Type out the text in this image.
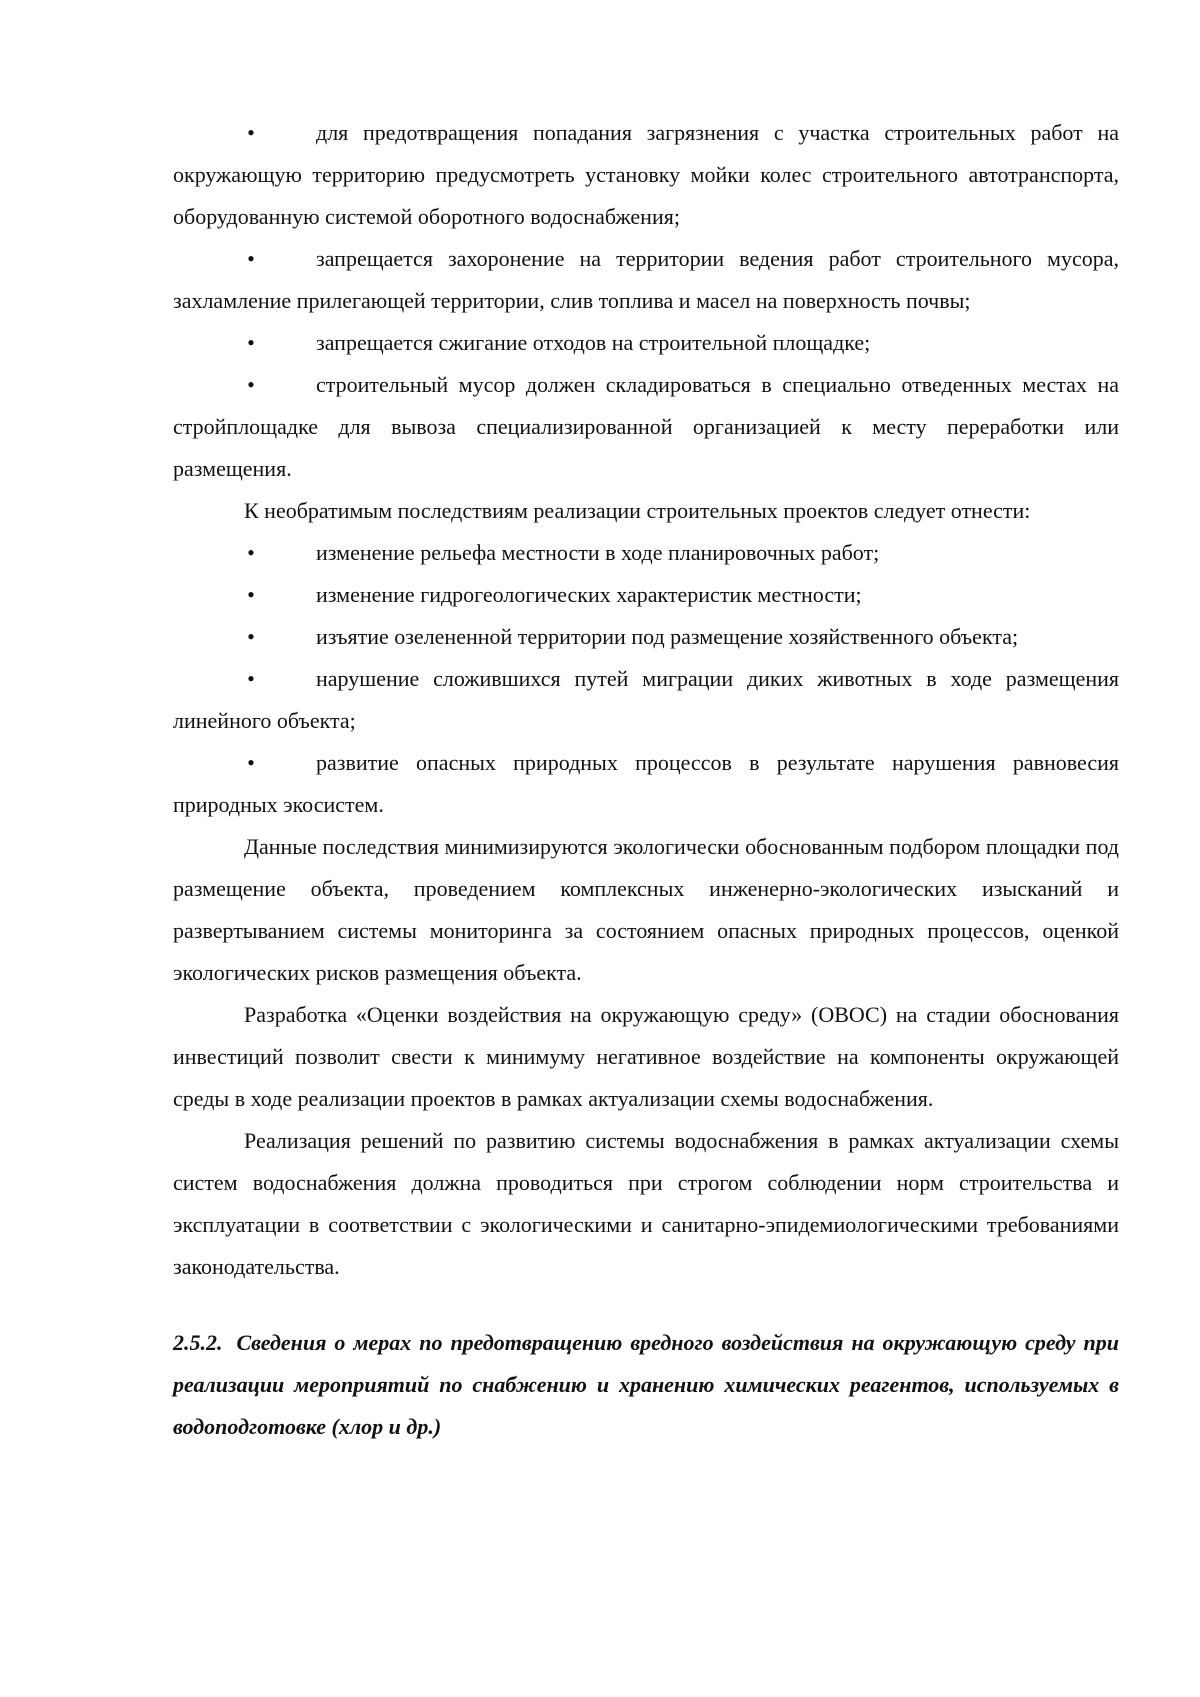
•	для предотвращения попадания загрязнения с участка строительных работ на окружающую территорию предусмотреть установку мойки колес строительного автотранспорта, оборудованную системой оборотного водоснабжения;

•	запрещается захоронение на территории ведения работ строительного мусора, захламление прилегающей территории, слив топлива и масел на поверхность почвы;

•	запрещается сжигание отходов на строительной площадке;

•	строительный мусор должен складироваться в специально отведенных местах на стройплощадке для вывоза специализированной организацией к месту переработки или размещения.

К необратимым последствиям реализации строительных проектов следует отнести:

•	изменение рельефа местности в ходе планировочных работ;

•	изменение гидрогеологических характеристик местности;

•	изъятие озелененной территории под размещение хозяйственного объекта;

•	нарушение сложившихся путей миграции диких животных в ходе размещения линейного объекта;

•	развитие опасных природных процессов в результате нарушения равновесия природных экосистем.

Данные последствия минимизируются экологически обоснованным подбором площадки под размещение объекта, проведением комплексных инженерно-экологических изысканий и развертыванием системы мониторинга за состоянием опасных природных процессов, оценкой экологических рисков размещения объекта.

Разработка «Оценки воздействия на окружающую среду» (ОВОС) на стадии обоснования инвестиций позволит свести к минимуму негативное воздействие на компоненты окружающей среды в ходе реализации проектов в рамках актуализации схемы водоснабжения.

Реализация решений по развитию системы водоснабжения в рамках актуализации схемы систем водоснабжения должна проводиться при строгом соблюдении норм строительства и эксплуатации в соответствии с экологическими и санитарно-эпидемиологическими требованиями законодательства.

2.5.2. Сведения о мерах по предотвращению вредного воздействия на окружающую среду при реализации мероприятий по снабжению и хранению химических реагентов, используемых в водоподготовке (хлор и др.)
